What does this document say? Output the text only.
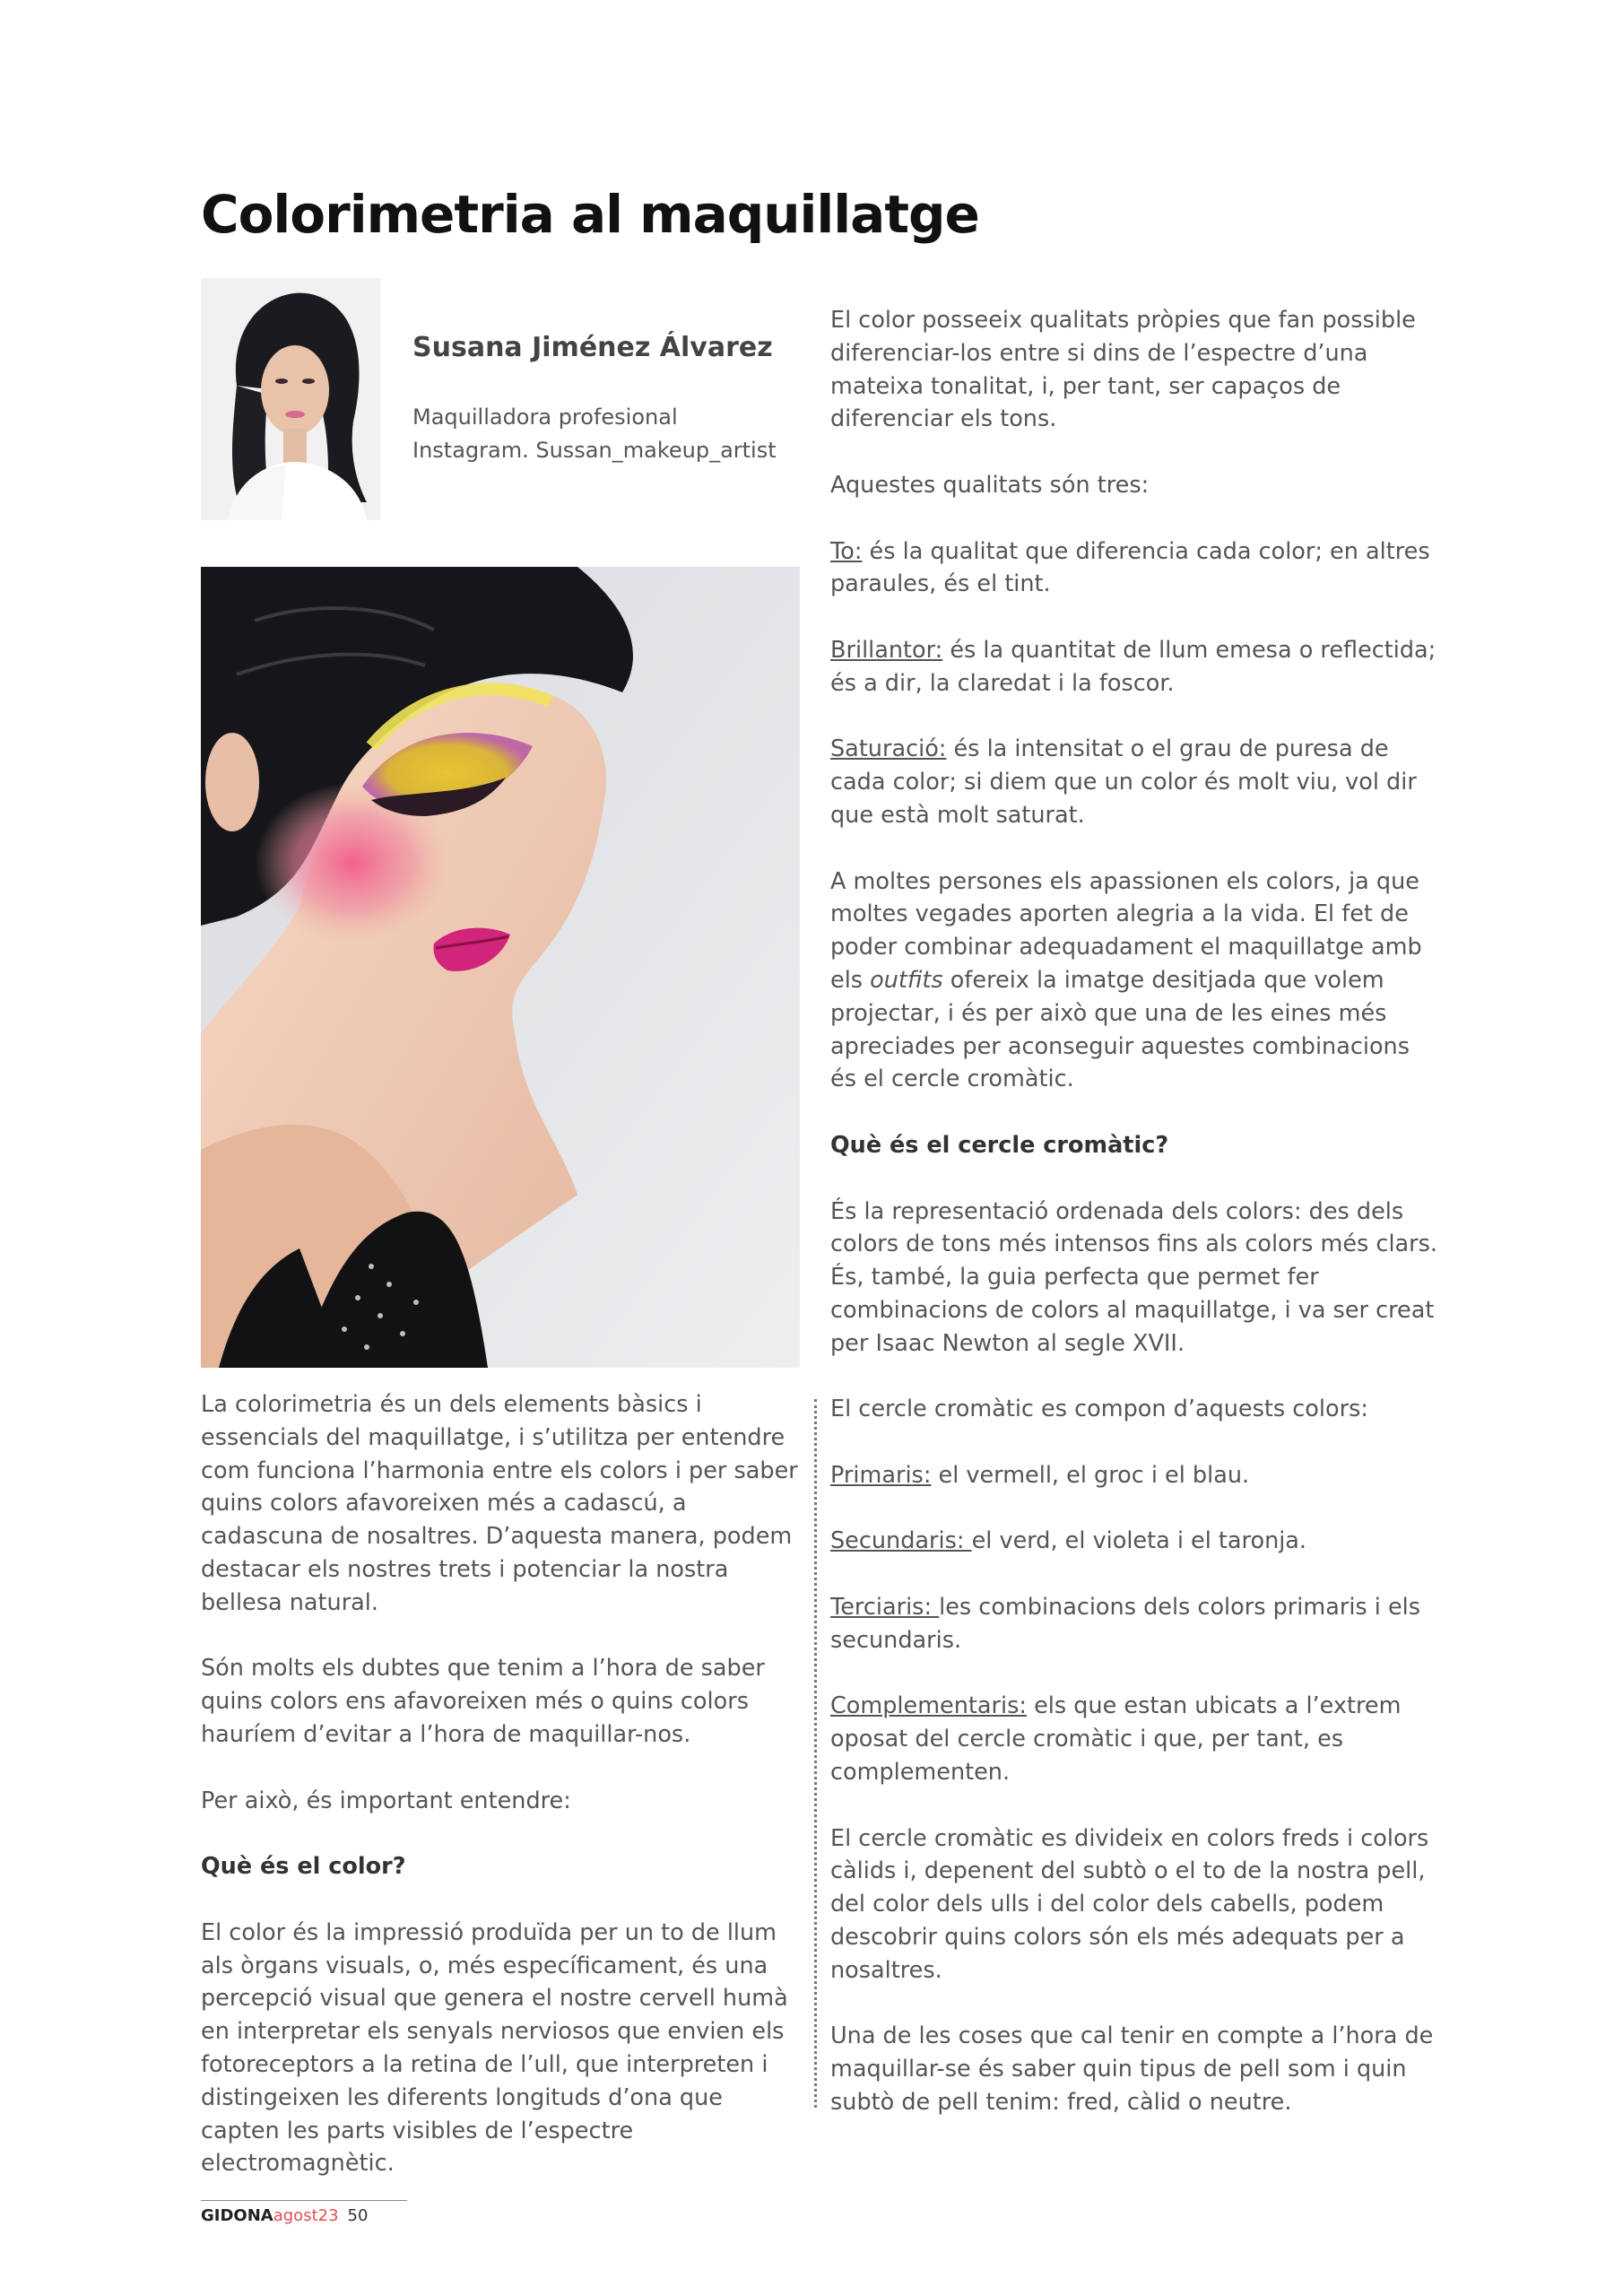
Colorimetria al maquillatge

Susana Jiménez Álvarez

Maquilladora profesional

Instagram. Sussan_makeup_artist

La colorimetria és un dels elements bàsics i essencials del maquillatge, i s’utilitza per entendre com funciona l’harmonia entre els colors i per saber quins colors afavoreixen més a cadascú, a cadascuna de nosaltres. D’aquesta manera, podem destacar els nostres trets i potenciar la nostra bellesa natural.

Són molts els dubtes que tenim a l’hora de saber quins colors ens afavoreixen més o quins colors hauríem d’evitar a l’hora de maquillar-nos.

Per això, és important entendre:

Què és el color?

El color és la impressió produïda per un to de llum als òrgans visuals, o, més específicament, és una percepció visual que genera el nostre cervell humà en interpretar els senyals nerviosos que envien els fotoreceptors a la retina de l’ull, que interpreten i distingeixen les diferents longituds d’ona que capten les parts visibles de l’espectre electromagnètic.

El color posseeix qualitats pròpies que fan possible diferenciar-los entre si dins de l’espectre d’una mateixa tonalitat, i, per tant, ser capaços de diferenciar els tons.

Aquestes qualitats són tres:

To: és la qualitat que diferencia cada color; en altres paraules, és el tint.

Brillantor: és la quantitat de llum emesa o reflectida; és a dir, la claredat i la foscor.

Saturació: és la intensitat o el grau de puresa de cada color; si diem que un color és molt viu, vol dir que està molt saturat.

A moltes persones els apassionen els colors, ja que moltes vegades aporten alegria a la vida. El fet de poder combinar adequadament el maquillatge amb els outfits ofereix la imatge desitjada que volem projectar, i és per això que una de les eines més apreciades per aconseguir aquestes combinacions és el cercle cromàtic.

Què és el cercle cromàtic?

És la representació ordenada dels colors: des dels colors de tons més intensos fins als colors més clars. És, també, la guia perfecta que permet fer combinacions de colors al maquillatge, i va ser creat per Isaac Newton al segle XVII.

El cercle cromàtic es compon d’aquests colors:

Primaris: el vermell, el groc i el blau.

Secundaris: el verd, el violeta i el taronja.

Terciaris: les combinacions dels colors primaris i els secundaris.

Complementaris: els que estan ubicats a l’extrem oposat del cercle cromàtic i que, per tant, es complementen.

El cercle cromàtic es divideix en colors freds i colors càlids i, depenent del subtò o el to de la nostra pell, del color dels ulls i del color dels cabells, podem descobrir quins colors són els més adequats per a nosaltres.

Una de les coses que cal tenir en compte a l’hora de maquillar-se és saber quin tipus de pell som i quin subtò de pell tenim: fred, càlid o neutre.

GIDONAagost23 50
